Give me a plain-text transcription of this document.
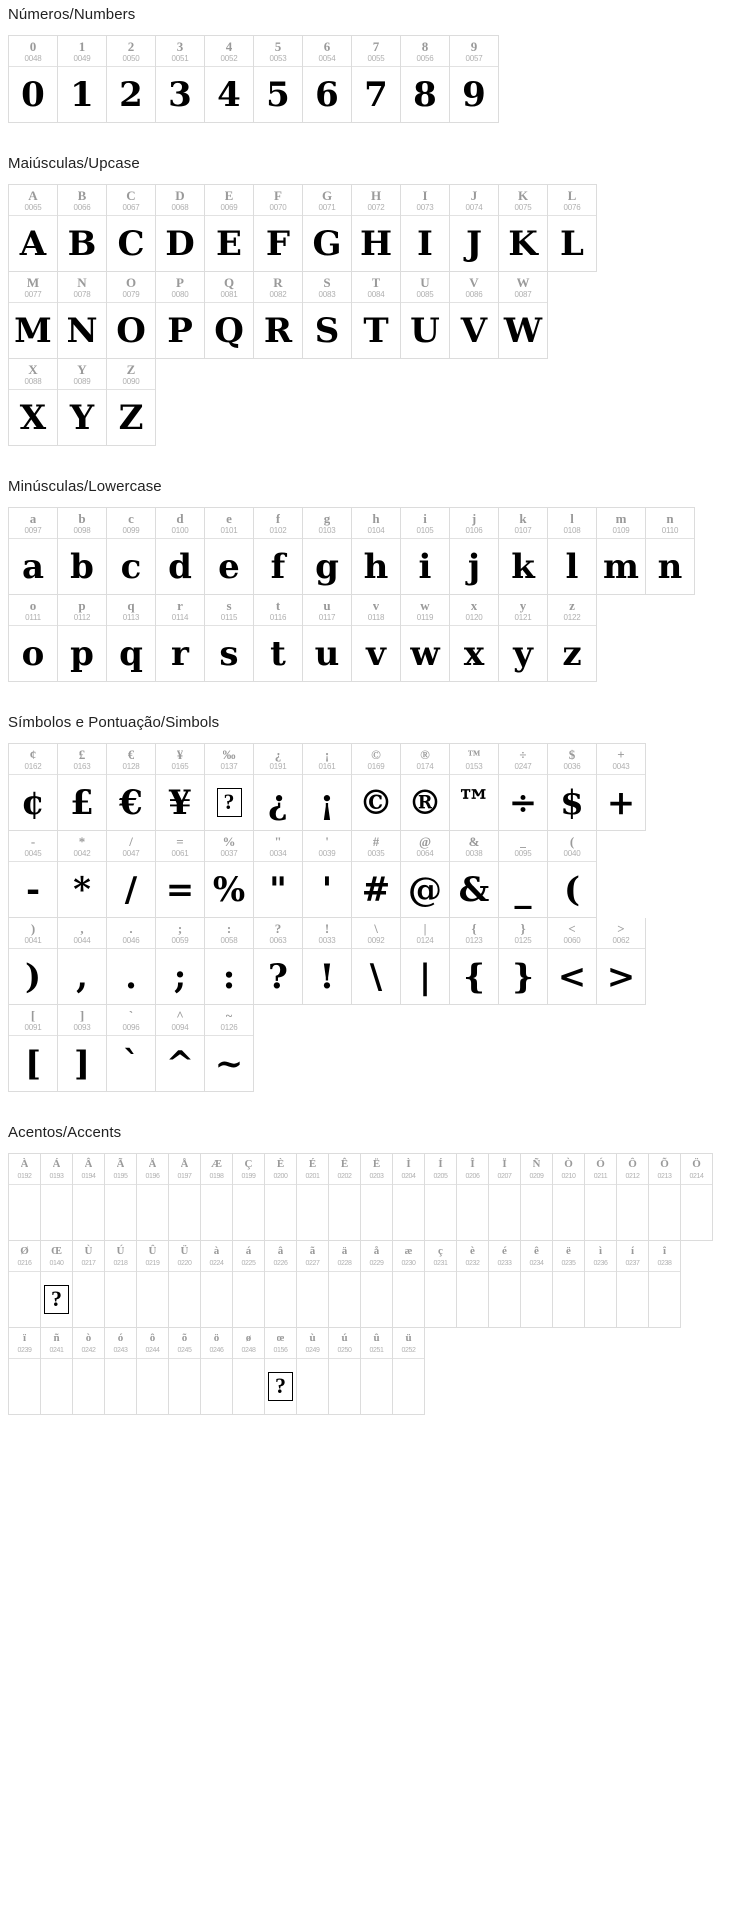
Números/Numbers
0
0048
0
1
0049
1
2
0050
2
3
0051
3
4
0052
4
5
0053
5
6
0054
6
7
0055
7
8
0056
8
9
0057
9
Maiúsculas/Upcase
A
0065
A
B
0066
B
C
0067
C
D
0068
D
E
0069
E
F
0070
F
G
0071
G
H
0072
H
I
0073
I
J
0074
J
K
0075
K
L
0076
L
M
0077
M
N
0078
N
O
0079
O
P
0080
P
Q
0081
Q
R
0082
R
S
0083
S
T
0084
T
U
0085
U
V
0086
V
W
0087
W
X
0088
X
Y
0089
Y
Z
0090
Z
Minúsculas/Lowercase
a
0097
a
b
0098
b
c
0099
c
d
0100
d
e
0101
e
f
0102
f
g
0103
g
h
0104
h
i
0105
i
j
0106
j
k
0107
k
l
0108
l
m
0109
m
n
0110
n
o
0111
o
p
0112
p
q
0113
q
r
0114
r
s
0115
s
t
0116
t
u
0117
u
v
0118
v
w
0119
w
x
0120
x
y
0121
y
z
0122
z
Símbolos e Pontuação/Simbols
¢
0162
¢
£
0163
£
€
0128
€
¥
0165
¥
‰
0137
?
¿
0191
¿
¡
0161
¡
©
0169
©
®
0174
®
™
0153
™
÷
0247
÷
$
0036
$
+
0043
+
-
0045
-
*
0042
*
/
0047
/
=
0061
=
%
0037
%
"
0034
"
'
0039
'
#
0035
#
@
0064
@
&
0038
&
_
0095
_
(
0040
(
)
0041
)
,
0044
,
.
0046
.
;
0059
;
:
0058
:
?
0063
?
!
0033
!
\
0092
\
|
0124
|
{
0123
{
}
0125
}
<
0060
<
>
0062
>
[
0091
[
]
0093
]
`
0096
`
^
0094
^
~
0126
~
Acentos/Accents
À
0192
Á
0193
Â
0194
Ã
0195
Ä
0196
Å
0197
Æ
0198
Ç
0199
È
0200
É
0201
Ê
0202
Ë
0203
Ì
0204
Í
0205
Î
0206
Ï
0207
Ñ
0209
Ò
0210
Ó
0211
Ô
0212
Õ
0213
Ö
0214
Ø
0216
Œ
0140
?
Ù
0217
Ú
0218
Û
0219
Ü
0220
à
0224
á
0225
â
0226
ã
0227
ä
0228
å
0229
æ
0230
ç
0231
è
0232
é
0233
ê
0234
ë
0235
ì
0236
í
0237
î
0238
ï
0239
ñ
0241
ò
0242
ó
0243
ô
0244
õ
0245
ö
0246
ø
0248
œ
0156
?
ù
0249
ú
0250
û
0251
ü
0252
